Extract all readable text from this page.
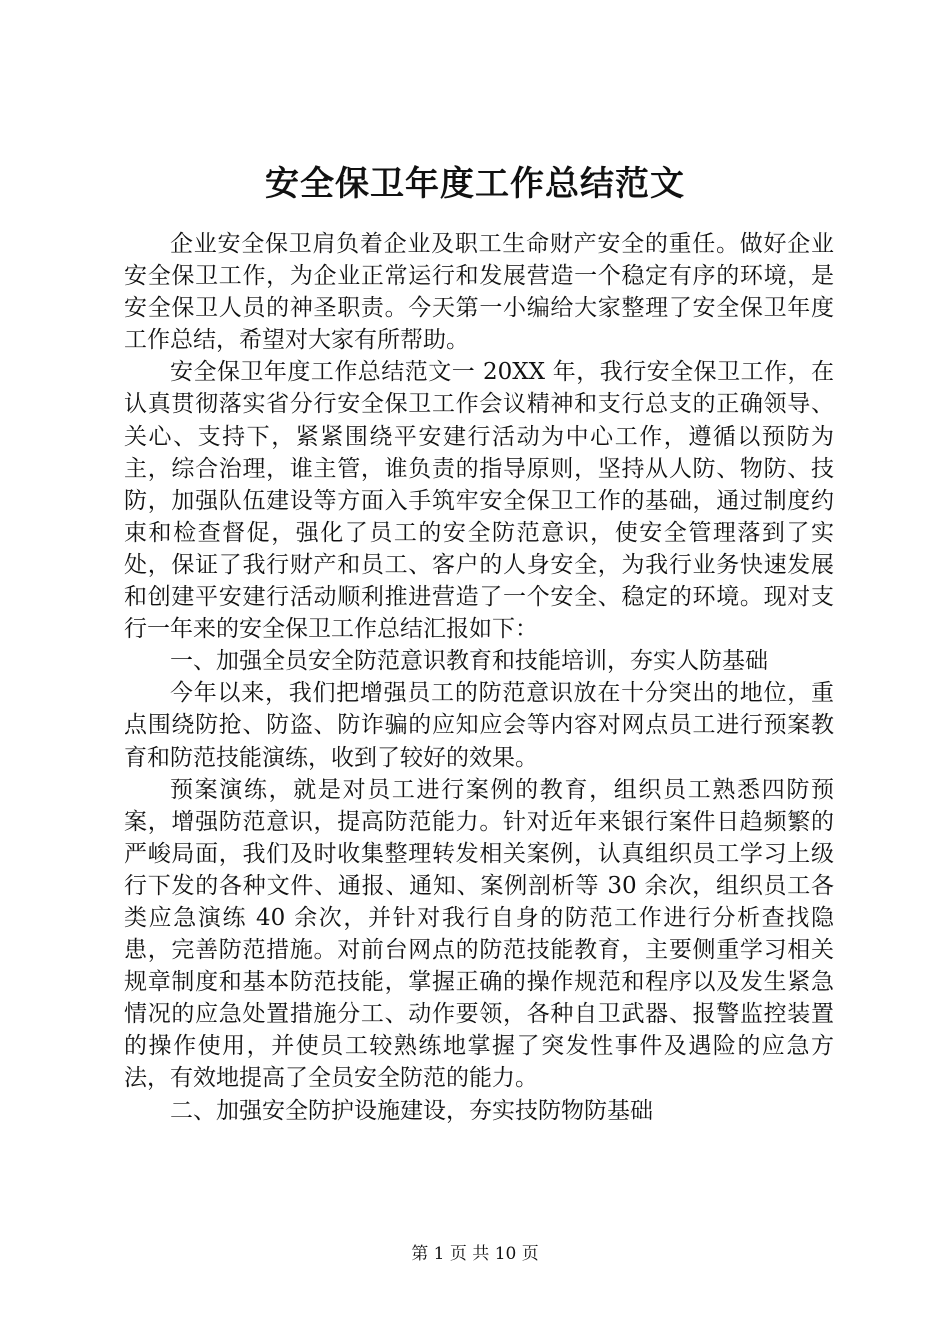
安全保卫年度工作总结范文

企业安全保卫肩负着企业及职工生命财产安全的重任。做好企业安全保卫工作，为企业正常运行和发展营造一个稳定有序的环境，是安全保卫人员的神圣职责。今天第一小编给大家整理了安全保卫年度工作总结，希望对大家有所帮助。

安全保卫年度工作总结范文一 20XX 年，我行安全保卫工作，在认真贯彻落实省分行安全保卫工作会议精神和支行总支的正确领导、关心、支持下，紧紧围绕平安建行活动为中心工作，遵循以预防为主，综合治理，谁主管，谁负责的指导原则，坚持从人防、物防、技防，加强队伍建设等方面入手筑牢安全保卫工作的基础，通过制度约束和检查督促，强化了员工的安全防范意识，使安全管理落到了实处，保证了我行财产和员工、客户的人身安全，为我行业务快速发展和创建平安建行活动顺利推进营造了一个安全、稳定的环境。现对支行一年来的安全保卫工作总结汇报如下：

一、加强全员安全防范意识教育和技能培训，夯实人防基础

今年以来，我们把增强员工的防范意识放在十分突出的地位，重点围绕防抢、防盗、防诈骗的应知应会等内容对网点员工进行预案教育和防范技能演练，收到了较好的效果。

预案演练，就是对员工进行案例的教育，组织员工熟悉四防预案，增强防范意识，提高防范能力。针对近年来银行案件日趋频繁的严峻局面，我们及时收集整理转发相关案例，认真组织员工学习上级行下发的各种文件、通报、通知、案例剖析等 30 余次，组织员工各类应急演练 40 余次，并针对我行自身的防范工作进行分析查找隐患，完善防范措施。对前台网点的防范技能教育，主要侧重学习相关规章制度和基本防范技能，掌握正确的操作规范和程序以及发生紧急情况的应急处置措施分工、动作要领，各种自卫武器、报警监控装置的操作使用，并使员工较熟练地掌握了突发性事件及遇险的应急方法，有效地提高了全员安全防范的能力。

二、加强安全防护设施建设，夯实技防物防基础

第 1 页 共 10 页
